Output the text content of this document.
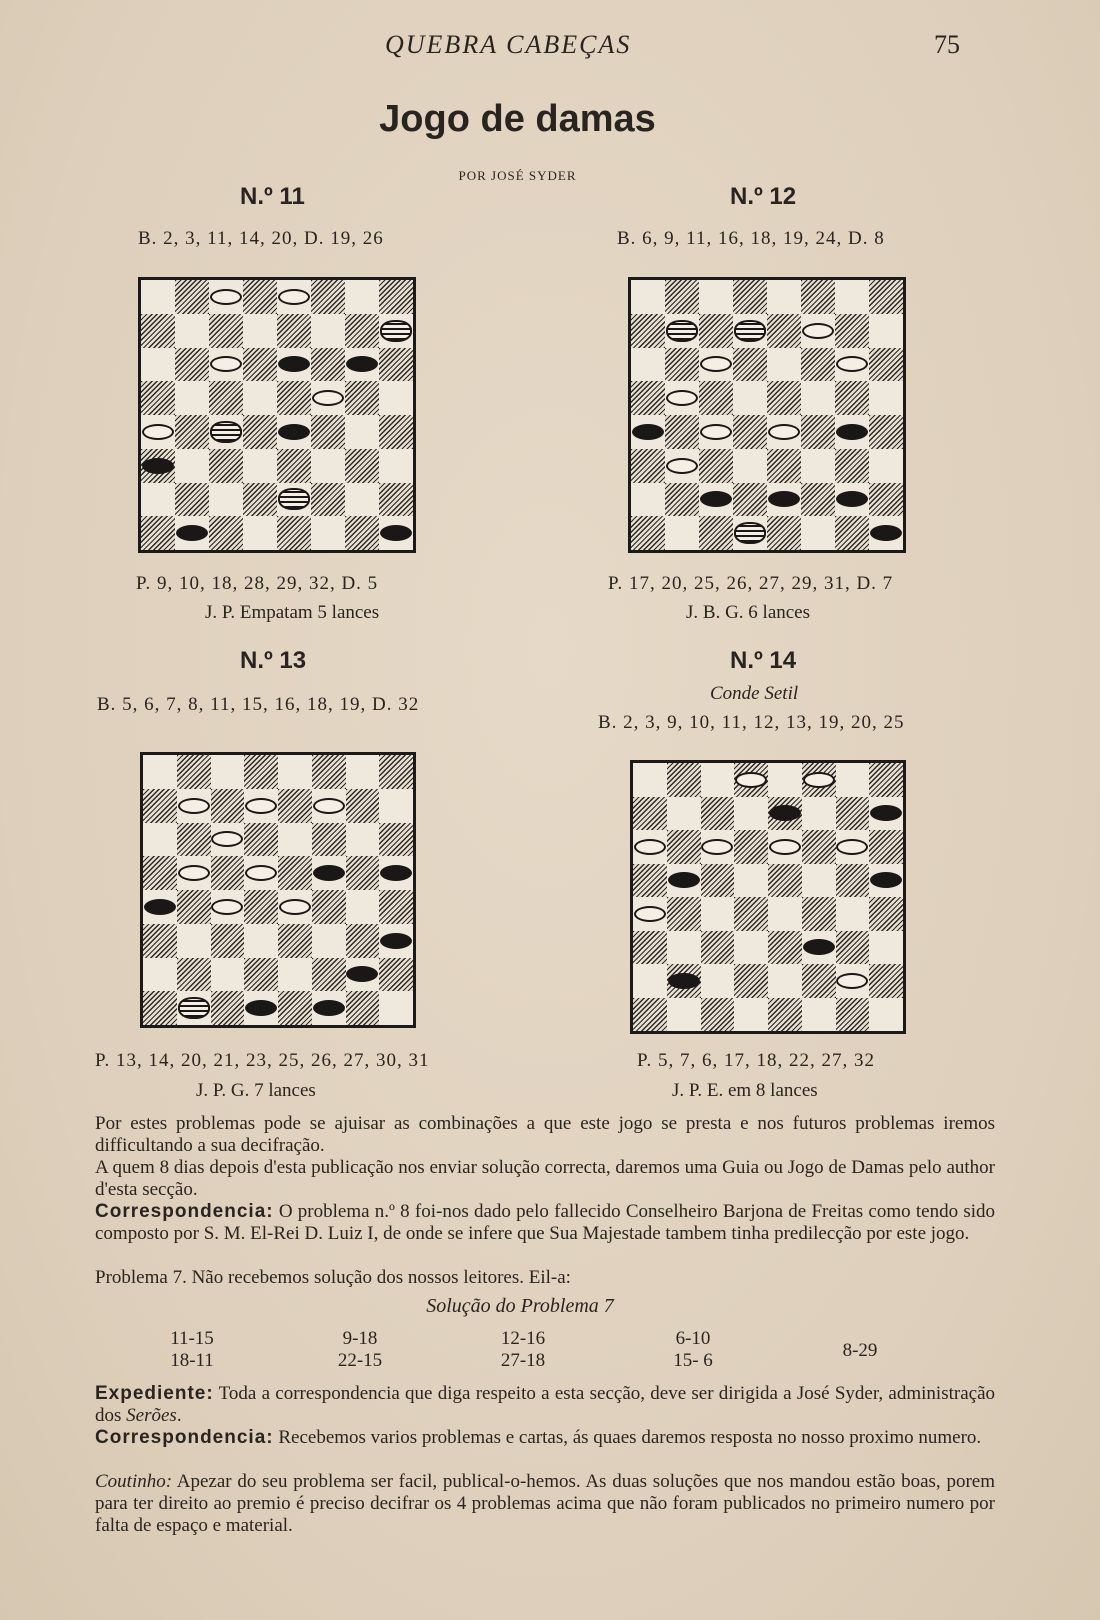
QUEBRA CABEÇAS	75
Jogo de damas
POR JOSÉ SYDER
N.º 11
B. 2, 3, 11, 14, 20, D. 19, 26
P. 9, 10, 18, 28, 29, 32, D. 5
J. P. Empatam 5 lances
N.º 12
B. 6, 9, 11, 16, 18, 19, 24, D. 8
P. 17, 20, 25, 26, 27, 29, 31, D. 7
J. B. G. 6 lances
N.º 13
B. 5, 6, 7, 8, 11, 15, 16, 18, 19, D. 32
P. 13, 14, 20, 21, 23, 25, 26, 27, 30, 31
J. P. G. 7 lances
N.º 14
Conde Setil
B. 2, 3, 9, 10, 11, 12, 13, 19, 20, 25
P. 5, 7, 6, 17, 18, 22, 27, 32
J. P. E. em 8 lances
Por estes problemas pode se ajuisar as combinações a que este jogo se presta e nos futuros problemas iremos difficultando a sua decifração.
A quem 8 dias depois d'esta publicação nos enviar solução correcta, daremos uma Guia ou Jogo de Damas pelo author d'esta secção.
Correspondencia: O problema n.º 8 foi-nos dado pelo fallecido Conselheiro Barjona de Freitas como tendo sido composto por S. M. El-Rei D. Luiz I, de onde se infere que Sua Majestade tambem tinha predilecção por este jogo.
Problema 7. Não recebemos solução dos nossos leitores. Eil-a:
Solução do Problema 7
11-15
18-11
9-18
22-15
12-16
27-18
6-10
15- 6	8-29
Expediente: Toda a correspondencia que diga respeito a esta secção, deve ser dirigida a José Syder, administração dos Serões.
Correspondencia: Recebemos varios problemas e cartas, ás quaes daremos resposta no nosso proximo numero.
Coutinho: Apezar do seu problema ser facil, publical-o-hemos. As duas soluções que nos mandou estão boas, porem para ter direito ao premio é preciso decifrar os 4 problemas acima que não foram publicados no primeiro numero por falta de espaço e material.
